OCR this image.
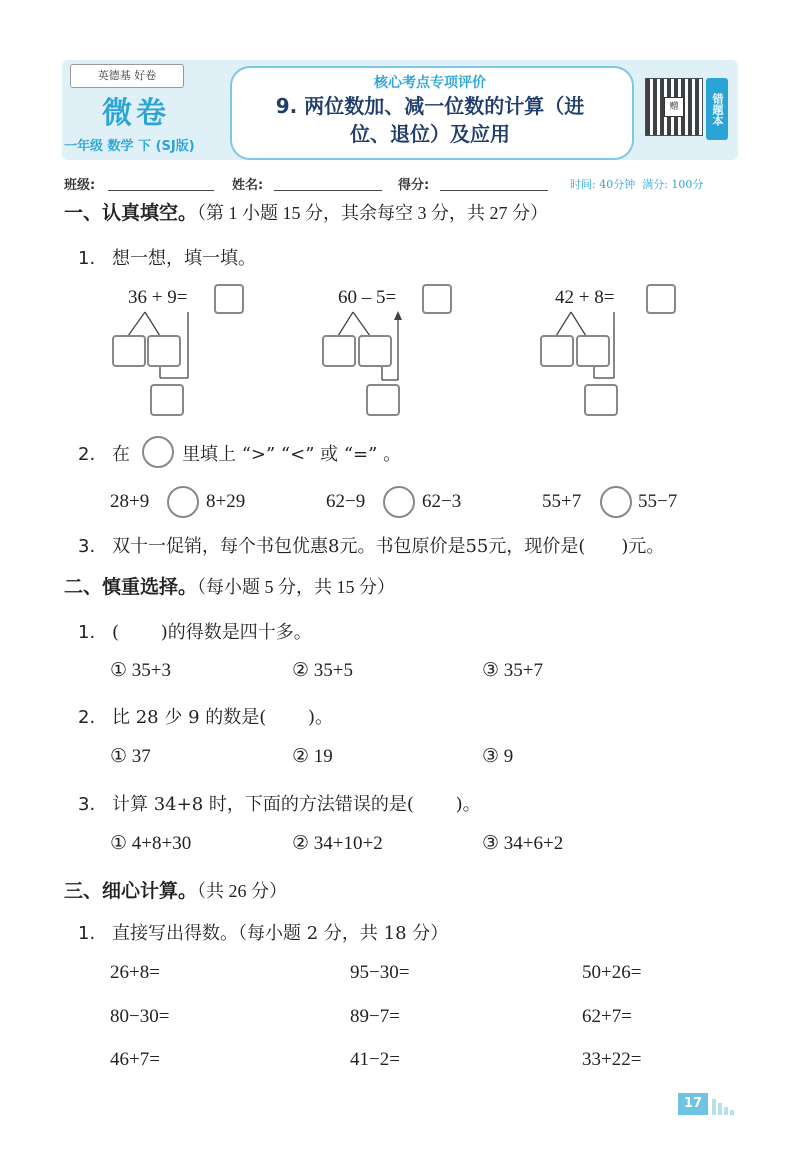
英德基 好卷
微卷
一年级 数学 下 (SJ版)
核心考点专项评价
9. 两位数加、减一位数的计算（进
位、退位）及应用
赠	错题本
班级:	姓名:	得分:	时间: 40分钟 满分: 100分
一、认真填空。（第 1 小题 15 分，其余每空 3 分，共 27 分）
1. 想一想，填一填。
36 + 9=	60 – 5=	42 + 8=
2. 在	里填上 “>” “<” 或 “=” 。
28+9	8+29	62−9	62−3	55+7	55−7
3. 双十一促销，每个书包优惠8元。书包原价是55元，现价是(　　)元。
二、慎重选择。（每小题 5 分，共 15 分）
1. (　　 )的得数是四十多。
① 35+3	② 35+5	③ 35+7
2. 比 28 少 9 的数是(　　 )。
① 37	② 19	③ 9
3. 计算 34+8 时，下面的方法错误的是(　　 )。
① 4+8+30	② 34+10+2	③ 34+6+2
三、细心计算。（共 26 分）
1. 直接写出得数。（每小题 2 分，共 18 分）
26+8=	95−30=	50+26=
80−30=	89−7=	62+7=
46+7=	41−2=	33+22=
17
